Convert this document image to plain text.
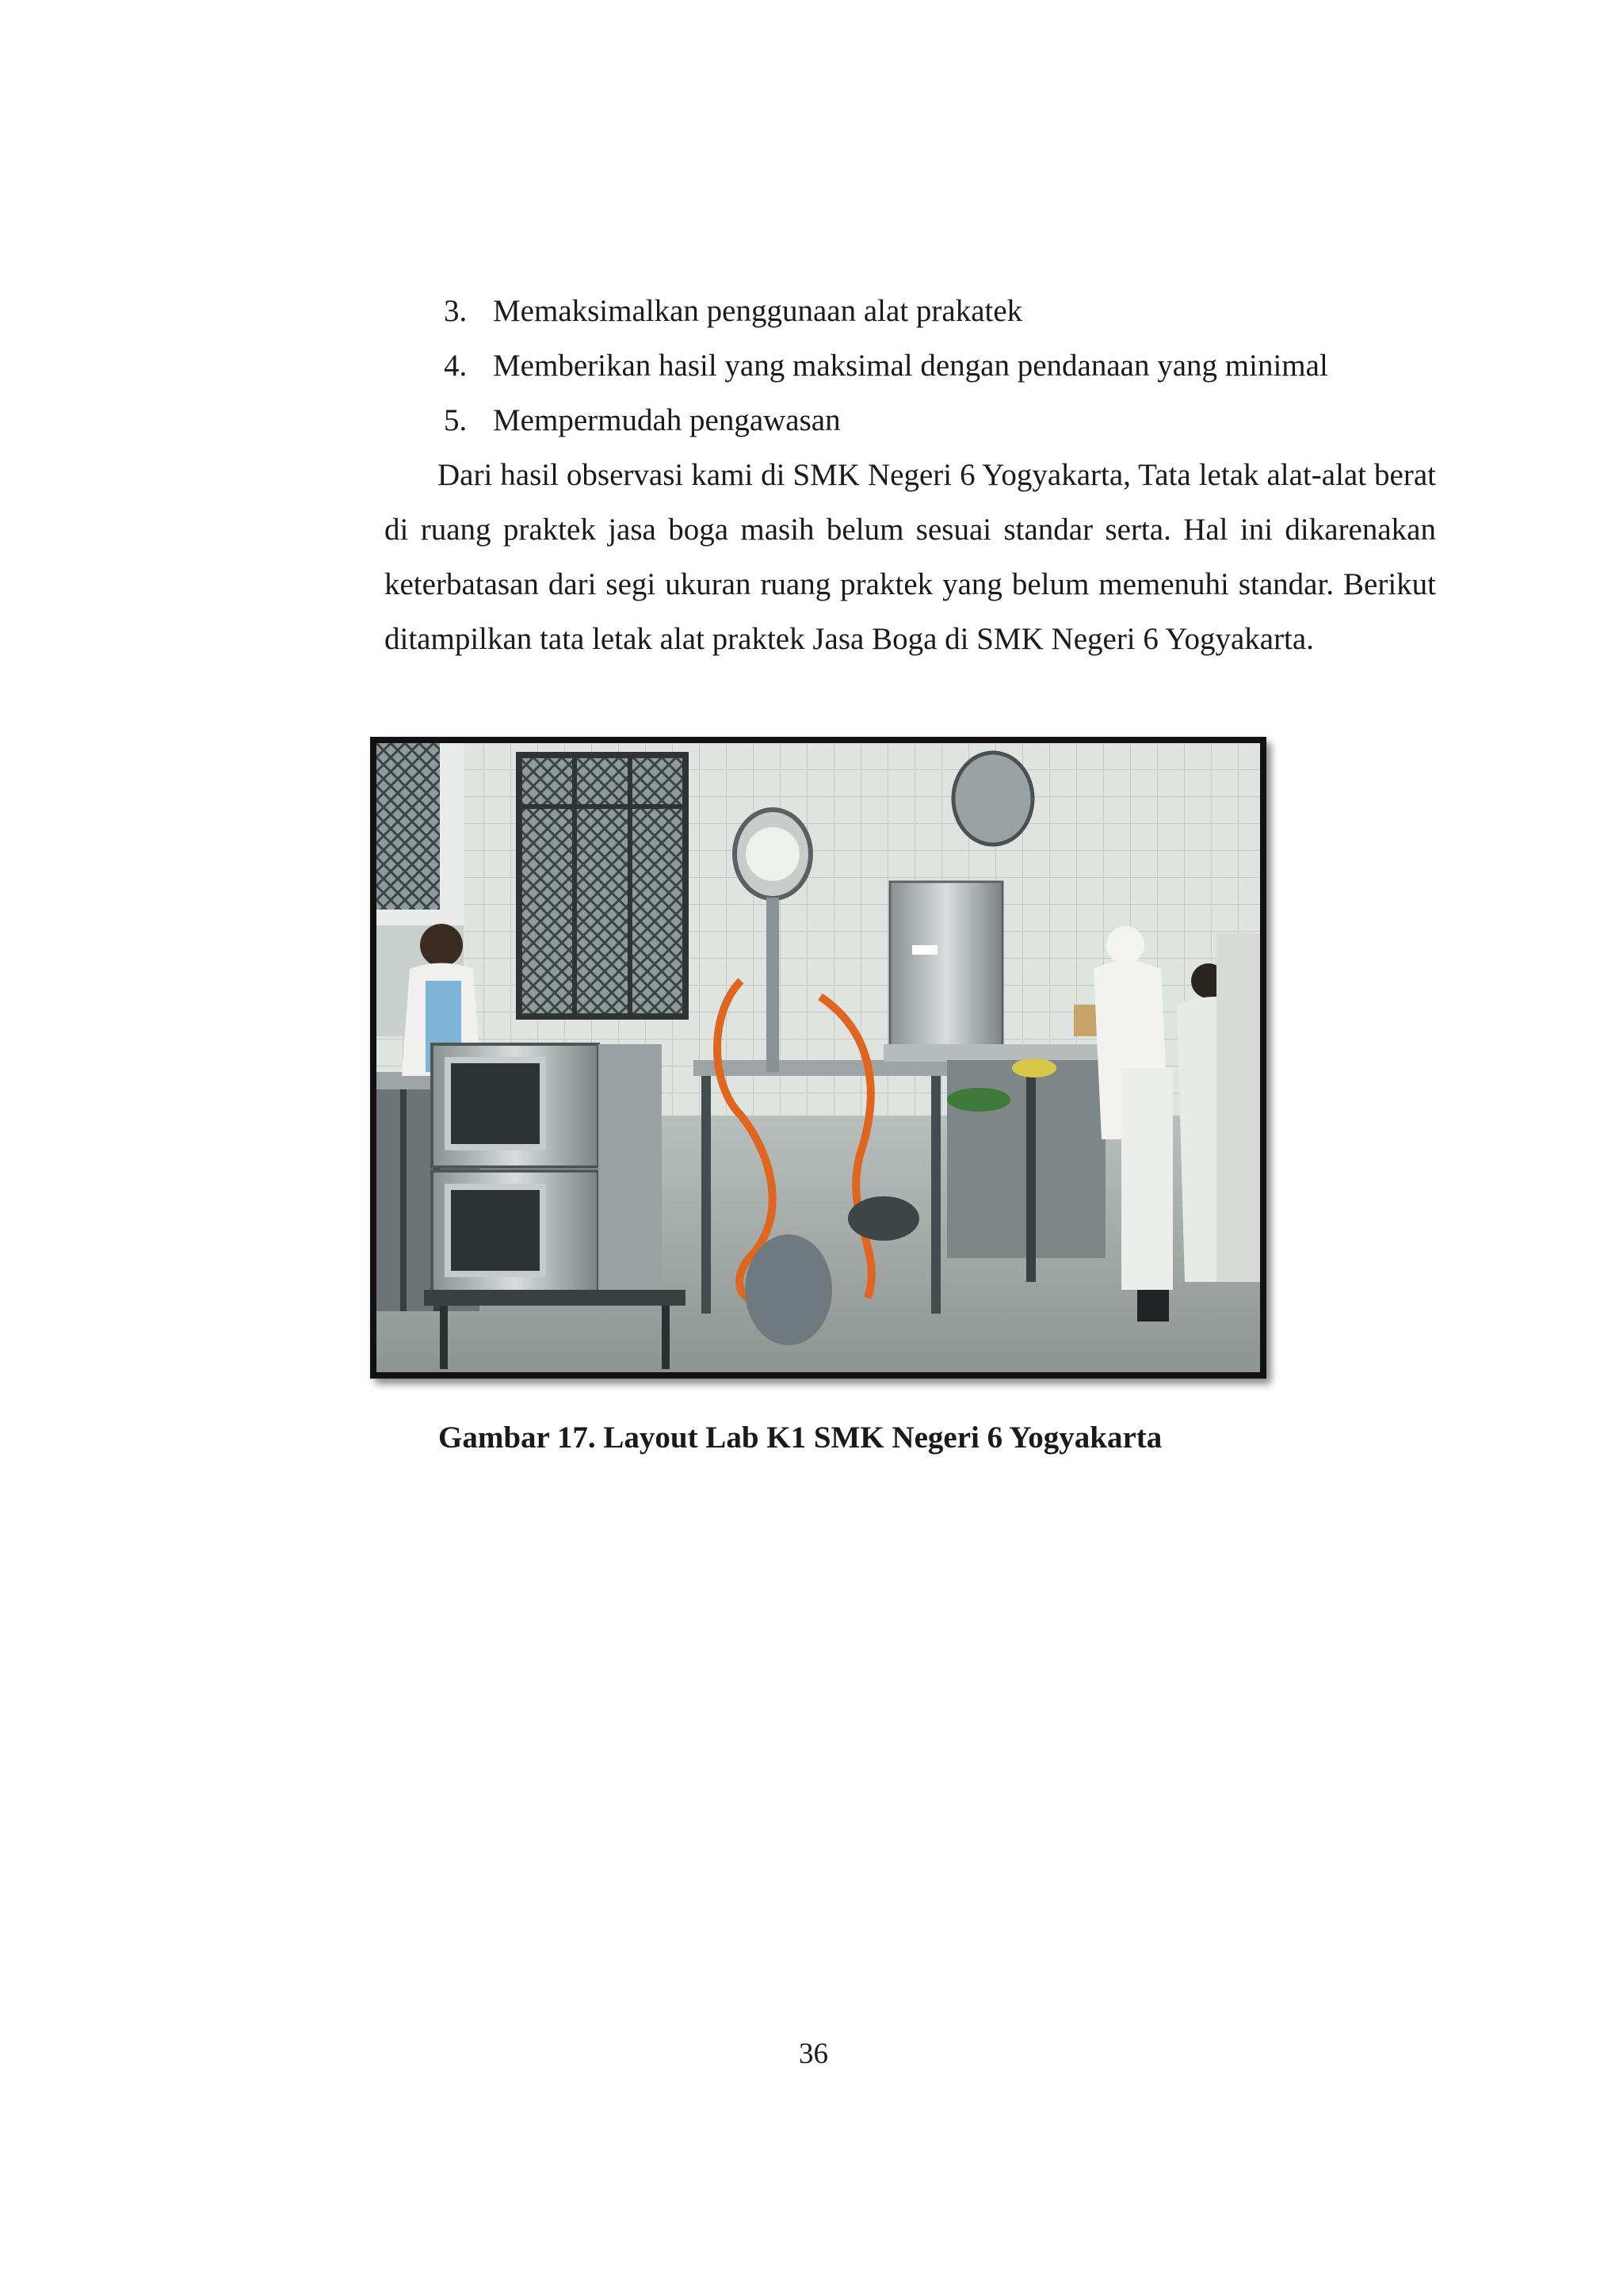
3. Memaksimalkan penggunaan alat prakatek
4. Memberikan hasil yang maksimal dengan pendanaan yang minimal
5. Mempermudah pengawasan

Dari hasil observasi kami di SMK Negeri 6 Yogyakarta, Tata letak alat-alat berat di ruang praktek jasa boga masih belum sesuai standar serta. Hal ini dikarenakan keterbatasan dari segi ukuran ruang praktek yang belum memenuhi standar. Berikut ditampilkan tata letak alat praktek Jasa Boga di SMK Negeri 6 Yogyakarta.

Gambar 17. Layout Lab K1 SMK Negeri 6 Yogyakarta

36
